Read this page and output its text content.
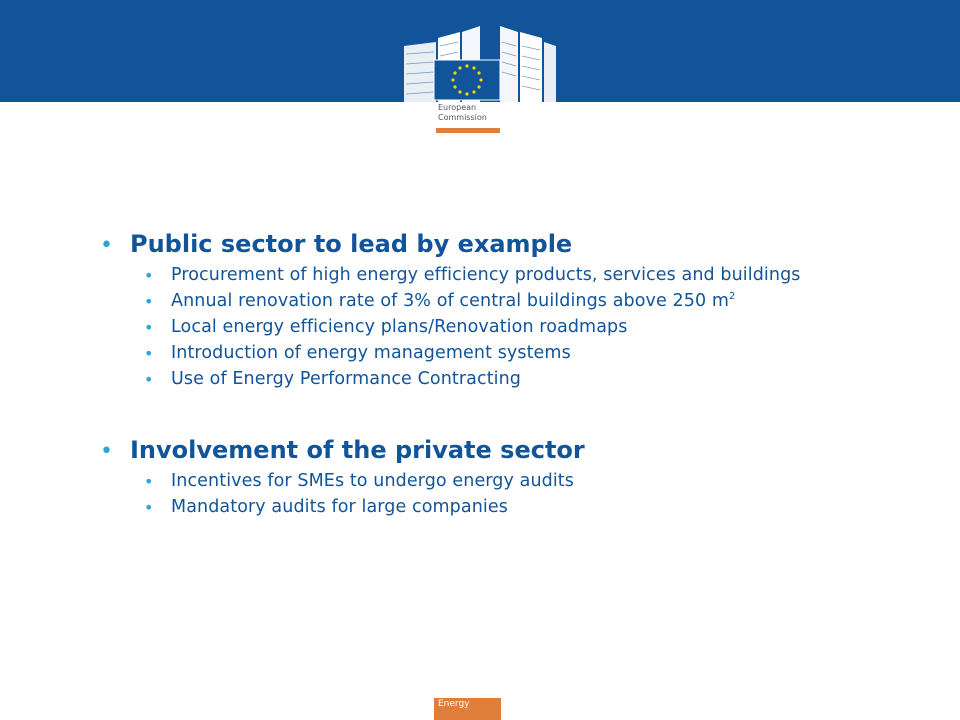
European
Commission
• Public sector to lead by example
• Procurement of high energy efficiency products, services and buildings
• Annual renovation rate of 3% of central buildings above 250 $m^2$
• Local energy efficiency plans/Renovation roadmaps
• Introduction of energy management systems
• Use of Energy Performance Contracting
• Involvement of the private sector
• Incentives for SMEs to undergo energy audits
• Mandatory audits for large companies
Energy
